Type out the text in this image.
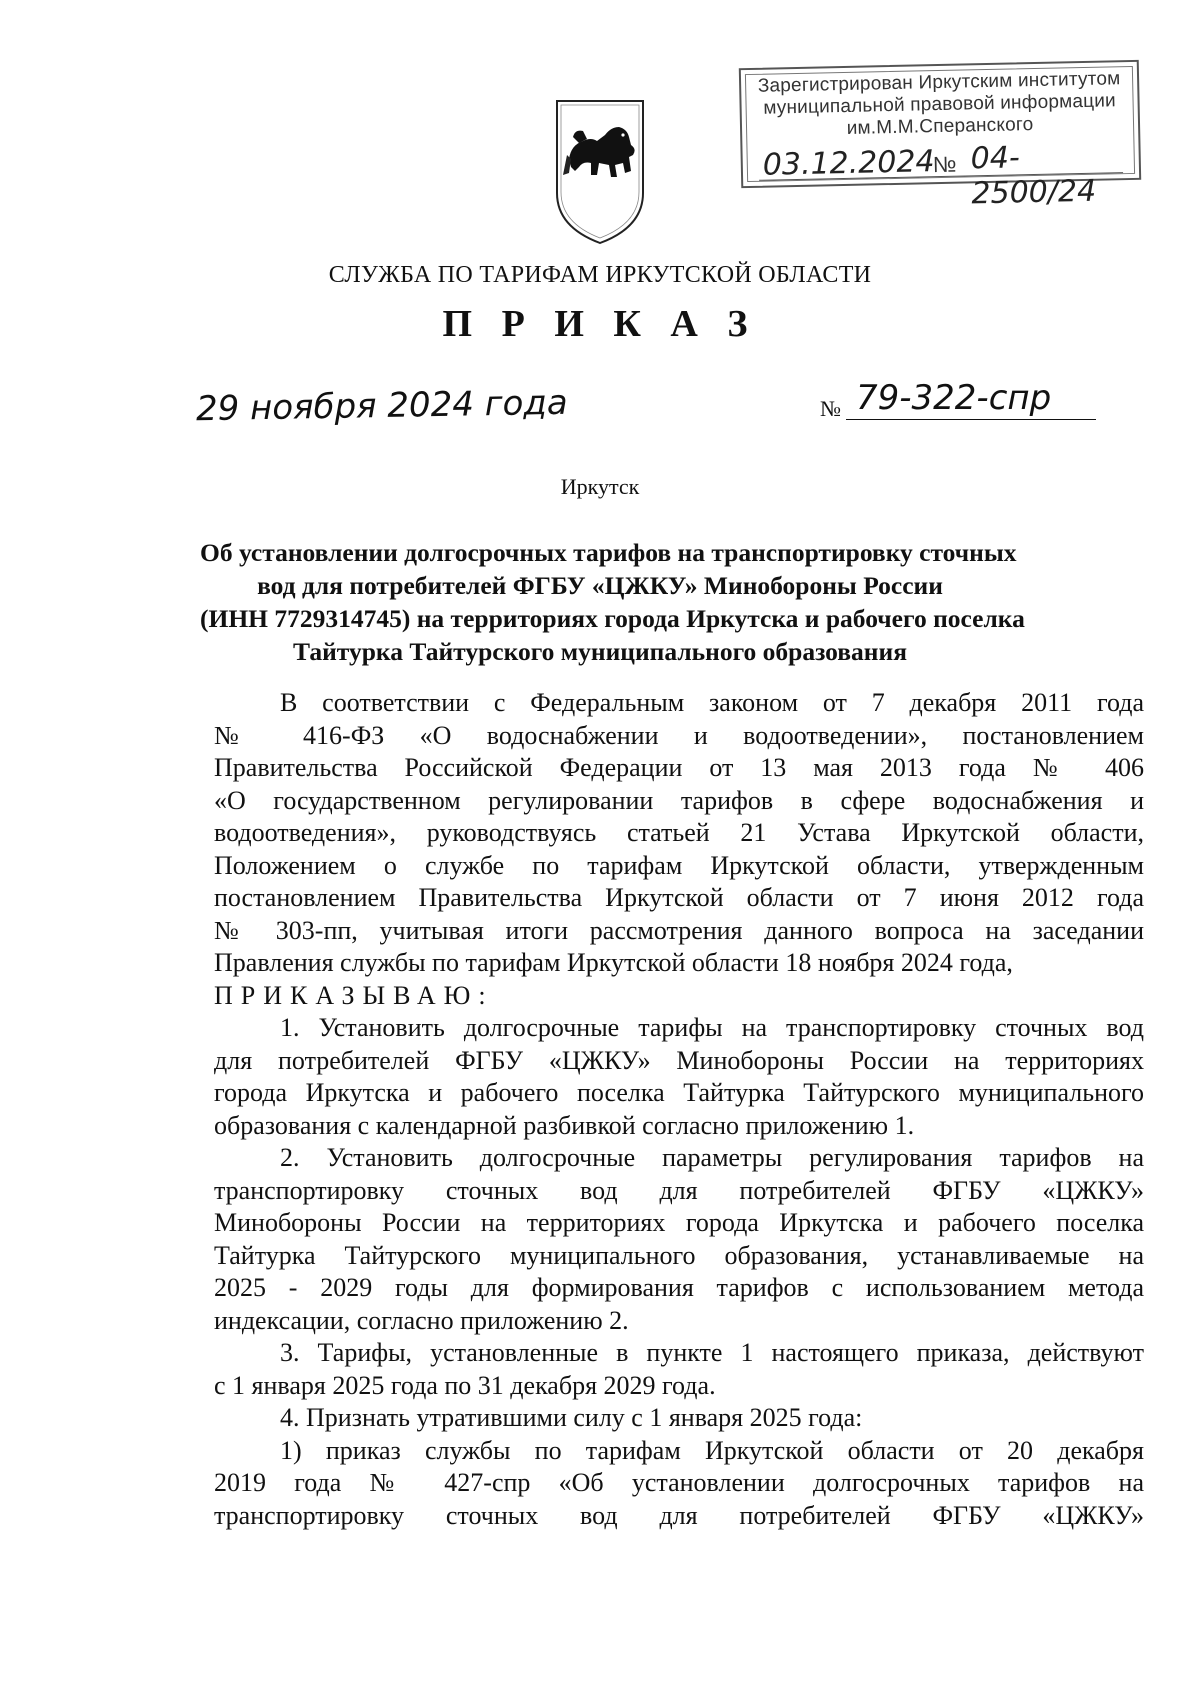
Зарегистрирован Иркутским институтом
муниципальной правовой информации
им.М.М.Сперанского
03.12.2024
№ 04-2500/24
СЛУЖБА ПО ТАРИФАМ ИРКУТСКОЙ ОБЛАСТИ
П Р И К А З
29 ноября 2024 года	№ 79-322-спр
Иркутск
Об установлении долгосрочных тарифов на транспортировку сточных
вод для потребителей ФГБУ «ЦЖКУ» Минобороны России
(ИНН 7729314745) на территориях города Иркутска и рабочего поселка
Тайтурка Тайтурского муниципального образования
В соответствии с Федеральным законом от 7 декабря 2011 года
№ 416-ФЗ «О водоснабжении и водоотведении», постановлением
Правительства Российской Федерации от 13 мая 2013 года № 406
«О государственном регулировании тарифов в сфере водоснабжения и
водоотведения», руководствуясь статьей 21 Устава Иркутской области,
Положением о службе по тарифам Иркутской области, утвержденным
постановлением Правительства Иркутской области от 7 июня 2012 года
№ 303-пп, учитывая итоги рассмотрения данного вопроса на заседании
Правления службы по тарифам Иркутской области 18 ноября 2024 года,
ПРИКАЗЫВАЮ:
1. Установить долгосрочные тарифы на транспортировку сточных вод
для потребителей ФГБУ «ЦЖКУ» Минобороны России на территориях
города Иркутска и рабочего поселка Тайтурка Тайтурского муниципального
образования с календарной разбивкой согласно приложению 1.
2. Установить долгосрочные параметры регулирования тарифов на
транспортировку сточных вод для потребителей ФГБУ «ЦЖКУ»
Минобороны России на территориях города Иркутска и рабочего поселка
Тайтурка Тайтурского муниципального образования, устанавливаемые на
2025 - 2029 годы для формирования тарифов с использованием метода
индексации, согласно приложению 2.
3. Тарифы, установленные в пункте 1 настоящего приказа, действуют
с 1 января 2025 года по 31 декабря 2029 года.
4. Признать утратившими силу с 1 января 2025 года:
1) приказ службы по тарифам Иркутской области от 20 декабря
2019 года № 427-спр «Об установлении долгосрочных тарифов на
транспортировку сточных вод для потребителей ФГБУ «ЦЖКУ»
